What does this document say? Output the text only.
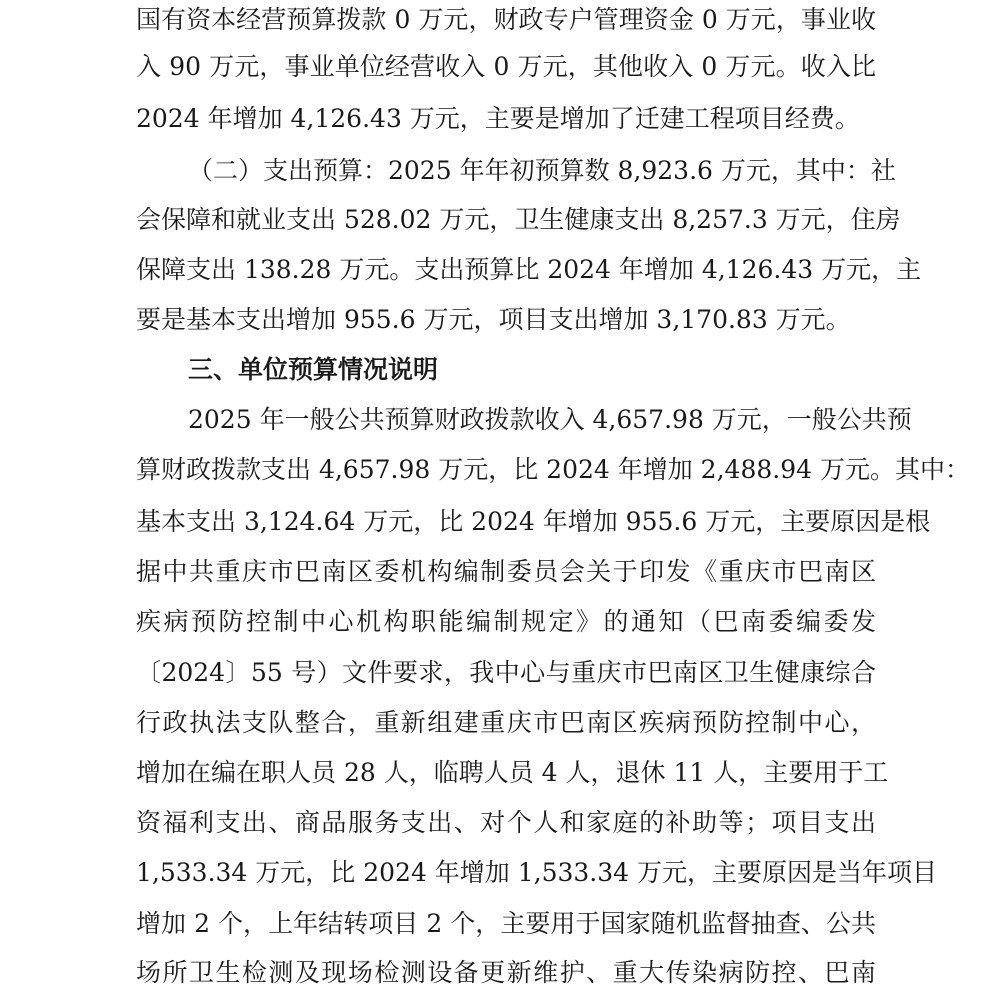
国有资本经营预算拨款 0 万元，财政专户管理资金 0 万元，事业收
入 90 万元，事业单位经营收入 0 万元，其他收入 0 万元。收入比
2024 年增加 4,126.43 万元，主要是增加了迁建工程项目经费。
（二）支出预算：2025 年年初预算数 8,923.6 万元，其中：社
会保障和就业支出 528.02 万元，卫生健康支出 8,257.3 万元，住房
保障支出 138.28 万元。支出预算比 2024 年增加 4,126.43 万元，主
要是基本支出增加 955.6 万元，项目支出增加 3,170.83 万元。
三、单位预算情况说明
2025 年一般公共预算财政拨款收入 4,657.98 万元，一般公共预
算财政拨款支出 4,657.98 万元，比 2024 年增加 2,488.94 万元。其中：
基本支出 3,124.64 万元，比 2024 年增加 955.6 万元，主要原因是根
据中共重庆市巴南区委机构编制委员会关于印发《重庆市巴南区
疾病预防控制中心机构职能编制规定》的通知（巴南委编委发
〔2024〕55 号）文件要求，我中心与重庆市巴南区卫生健康综合
行政执法支队整合，重新组建重庆市巴南区疾病预防控制中心，
增加在编在职人员 28 人，临聘人员 4 人，退休 11 人，主要用于工
资福利支出、商品服务支出、对个人和家庭的补助等；项目支出
1,533.34 万元，比 2024 年增加 1,533.34 万元，主要原因是当年项目
增加 2 个，上年结转项目 2 个，主要用于国家随机监督抽查、公共
场所卫生检测及现场检测设备更新维护、重大传染病防控、巴南
